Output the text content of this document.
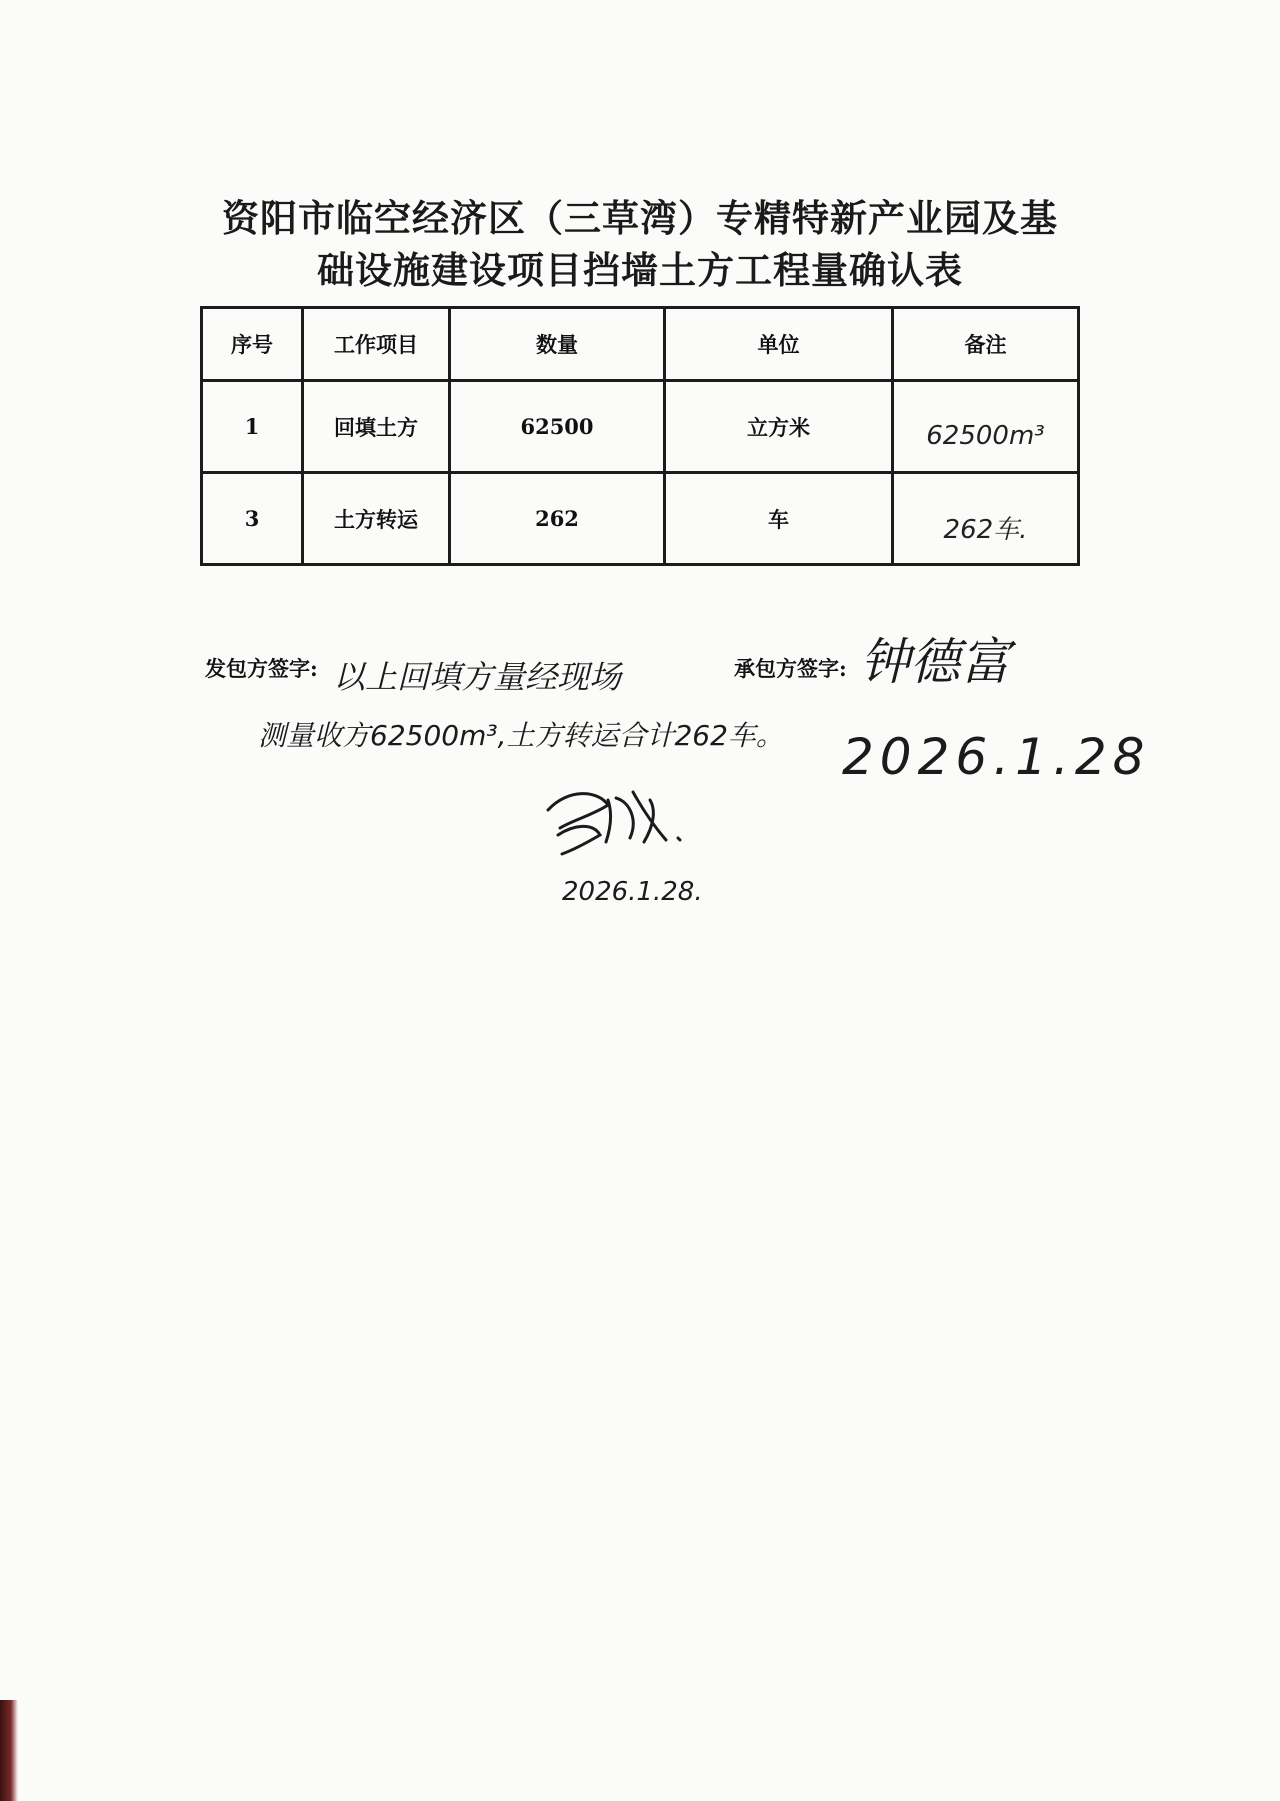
资阳市临空经济区（三草湾）专精特新产业园及基
础设施建设项目挡墙土方工程量确认表
序号	工作项目	数量	单位	备注
1	回填土方	62500	立方米	62500m³
3	土方转运	262	车	262车.
发包方签字: 以上回填方量经现场
测量收方62500m³,土方转运合计262车。
2026.1.28.
承包方签字: 钟德富
2026.1.28
